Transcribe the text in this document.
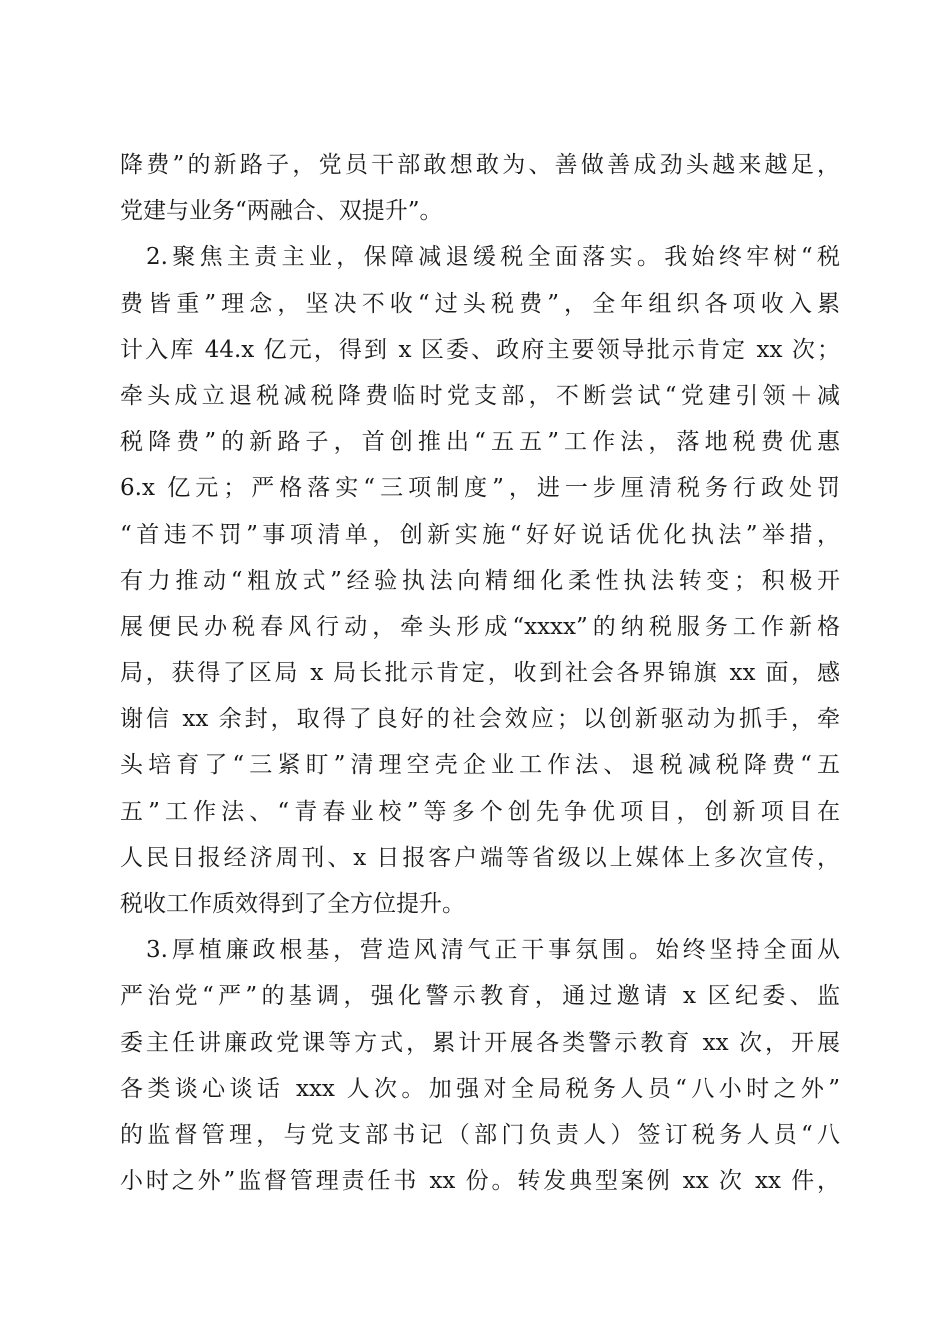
降费”的新路子，党员干部敢想敢为、善做善成劲头越来越足，
党建与业务“两融合、双提升”。
2.聚焦主责主业，保障减退缓税全面落实。我始终牢树“税
费皆重”理念，坚决不收“过头税费”，全年组织各项收入累
计入库 44.x 亿元，得到 x 区委、政府主要领导批示肯定 xx 次；
牵头成立退税减税降费临时党支部，不断尝试“党建引领＋减
税降费”的新路子，首创推出“五五”工作法，落地税费优惠
6.x 亿元；严格落实“三项制度”，进一步厘清税务行政处罚
“首违不罚”事项清单，创新实施“好好说话优化执法”举措，
有力推动“粗放式”经验执法向精细化柔性执法转变；积极开
展便民办税春风行动，牵头形成“xxxx”的纳税服务工作新格
局，获得了区局 x 局长批示肯定，收到社会各界锦旗 xx 面，感
谢信 xx 余封，取得了良好的社会效应；以创新驱动为抓手，牵
头培育了“三紧盯”清理空壳企业工作法、退税减税降费“五
五”工作法、“青春业校”等多个创先争优项目，创新项目在
人民日报经济周刊、x 日报客户端等省级以上媒体上多次宣传，
税收工作质效得到了全方位提升。
3.厚植廉政根基，营造风清气正干事氛围。始终坚持全面从
严治党“严”的基调，强化警示教育，通过邀请 x 区纪委、监
委主任讲廉政党课等方式，累计开展各类警示教育 xx 次，开展
各类谈心谈话 xxx 人次。加强对全局税务人员“八小时之外”
的监督管理，与党支部书记（部门负责人）签订税务人员“八
小时之外”监督管理责任书 xx 份。转发典型案例 xx 次 xx 件，
